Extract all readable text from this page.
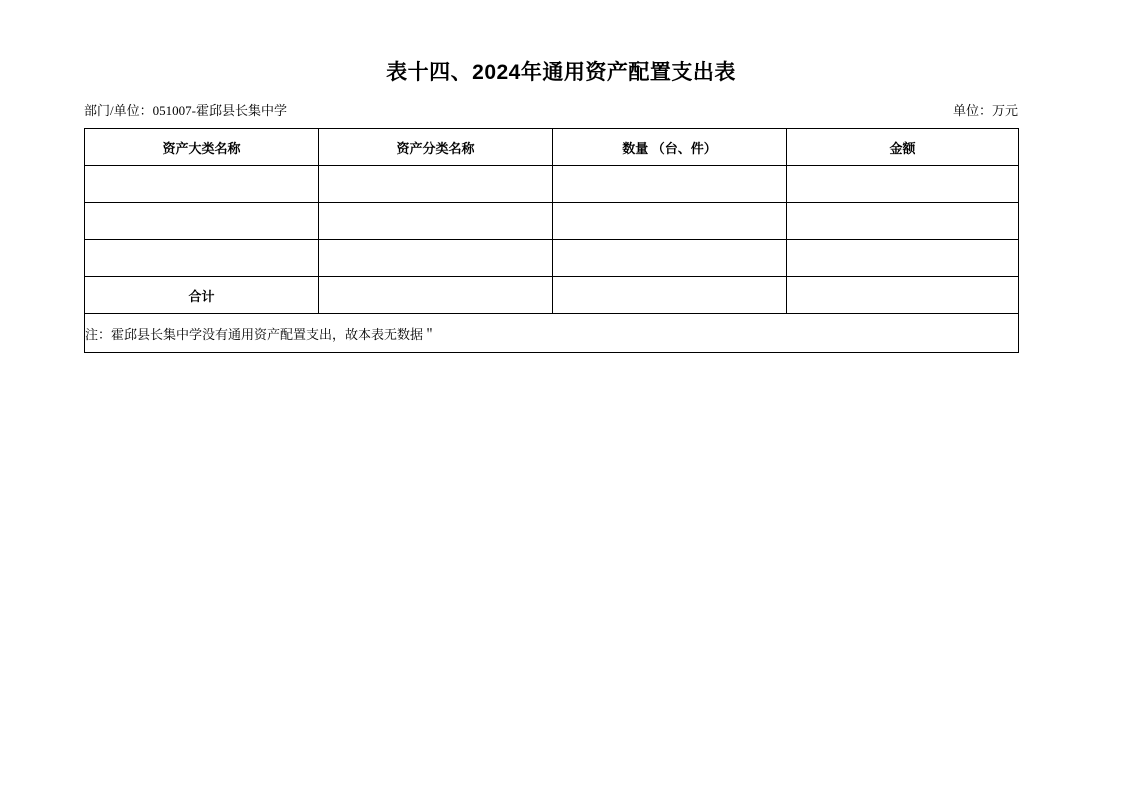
表十四、2024年通用资产配置支出表
部门/单位：051007-霍邱县长集中学	单位：万元
资产大类名称	资产分类名称	数量 （台、件）	金额

合计			
注：霍邱县长集中学没有通用资产配置支出，故本表无数据＂			
